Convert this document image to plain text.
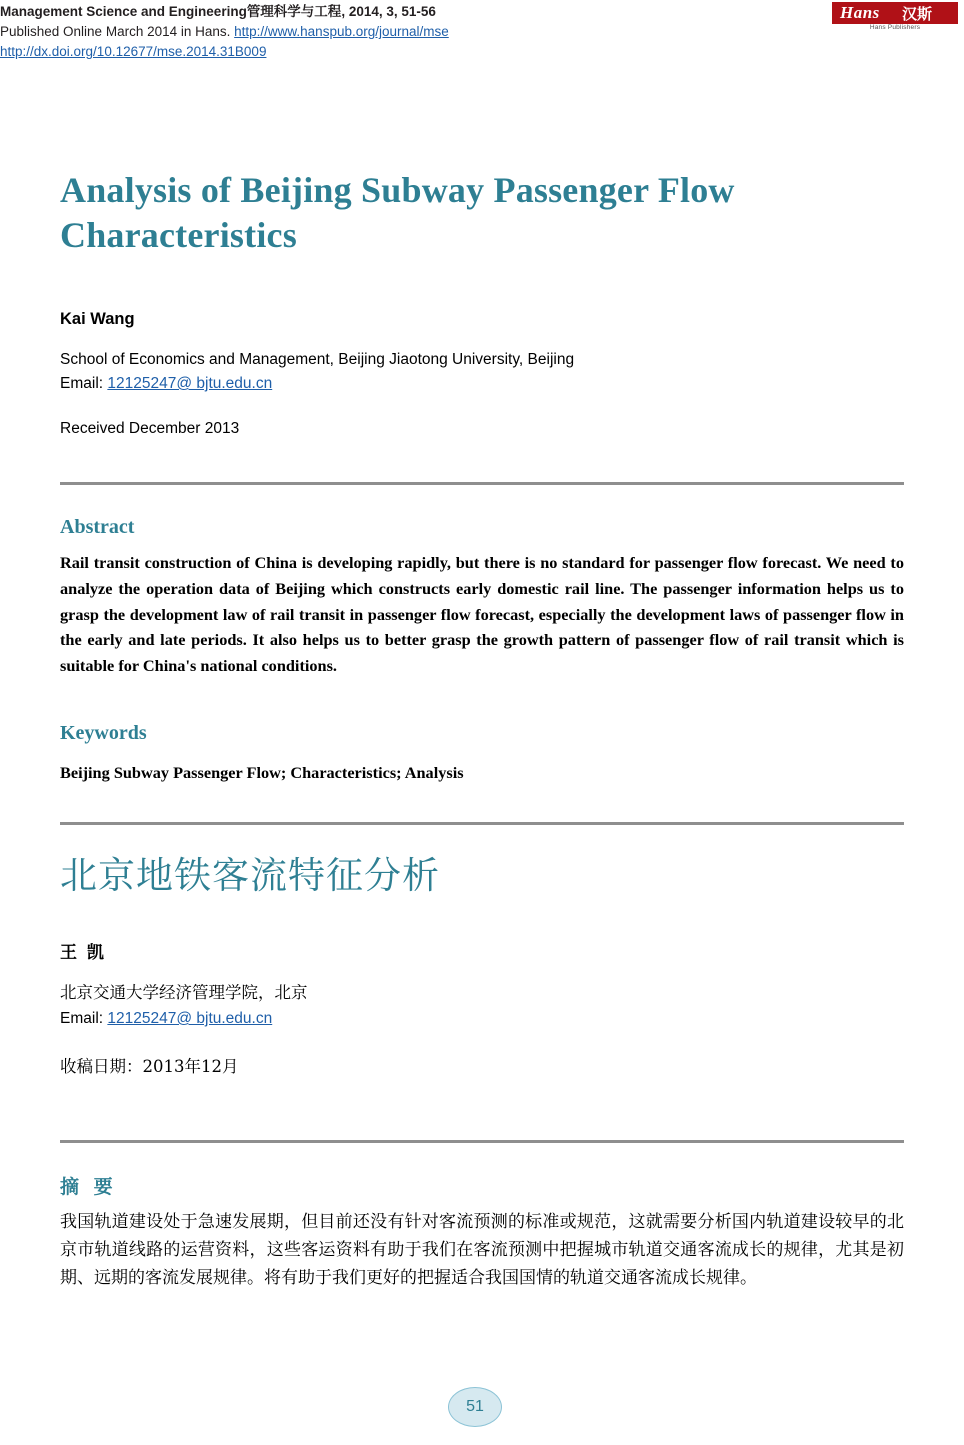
Management Science and Engineering管理科学与工程, 2014, 3, 51-56
Published Online March 2014 in Hans. http://www.hanspub.org/journal/mse
http://dx.doi.org/10.12677/mse.2014.31B009
Hans 汉斯
Hans Publishers
Analysis of Beijing Subway Passenger Flow Characteristics
Kai Wang
School of Economics and Management, Beijing Jiaotong University, Beijing
Email: 12125247@ bjtu.edu.cn
Received December 2013
Abstract
Rail transit construction of China is developing rapidly, but there is no standard for passenger flow forecast. We need to analyze the operation data of Beijing which constructs early domestic rail line. The passenger information helps us to grasp the development law of rail transit in passenger flow forecast, especially the development laws of passenger flow in the early and late periods. It also helps us to better grasp the growth pattern of passenger flow of rail transit which is suitable for China's national conditions.
Keywords
Beijing Subway Passenger Flow; Characteristics; Analysis
北京地铁客流特征分析
王 凯
北京交通大学经济管理学院，北京
Email: 12125247@ bjtu.edu.cn
收稿日期：2013年12月
摘 要
我国轨道建设处于急速发展期，但目前还没有针对客流预测的标准或规范，这就需要分析国内轨道建设较早的北京市轨道线路的运营资料，这些客运资料有助于我们在客流预测中把握城市轨道交通客流成长的规律，尤其是初期、远期的客流发展规律。将有助于我们更好的把握适合我国国情的轨道交通客流成长规律。
51
